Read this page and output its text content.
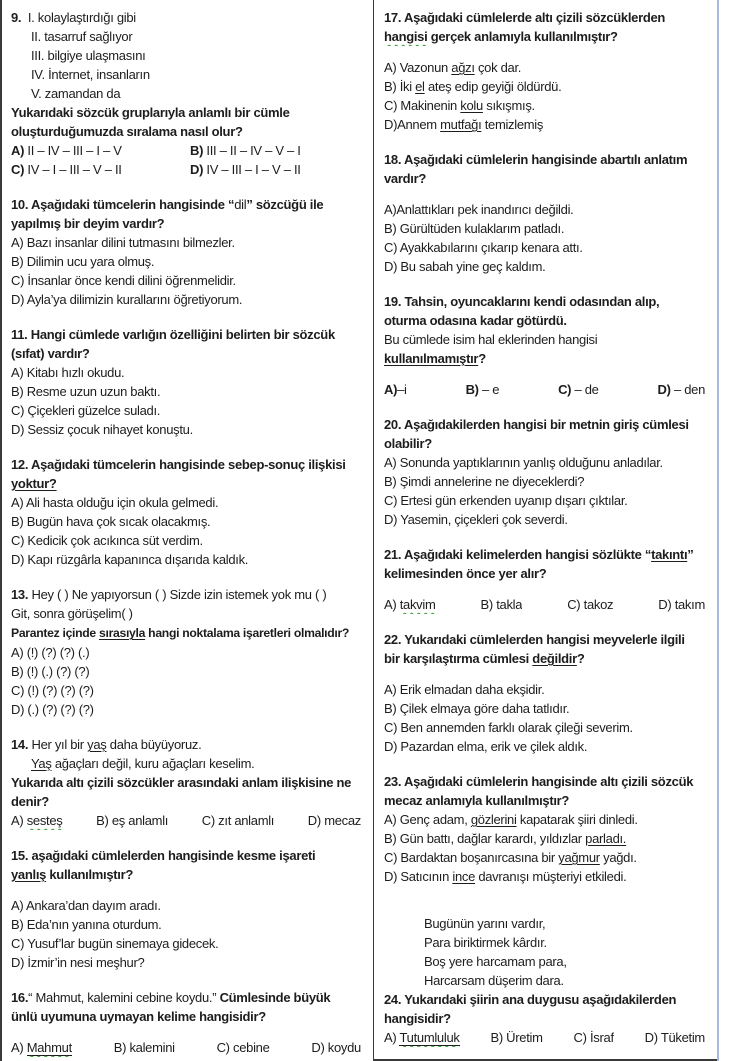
9.  I. kolaylaştırdığı gibi
II. tasarruf sağlıyor
III. bilgiye ulaşmasını
IV. İnternet, insanların
V. zamandan da
Yukarıdaki sözcük gruplarıyla anlamlı bir cümle
oluşturduğumuzda sıralama nasıl olur?
A) II – IV – III – I – V	B) III – II – IV – V – I
C) IV – I – III – V – II	D) IV – III – I – V – II
10. Aşağıdaki tümcelerin hangisinde “dil” sözcüğü ile
yapılmış bir deyim vardır?
A) Bazı insanlar dilini tutmasını bilmezler.
B) Dilimin ucu yara olmuş.
C) İnsanlar önce kendi dilini öğrenmelidir.
D) Ayla’ya dilimizin kurallarını öğretiyorum.
11. Hangi cümlede varlığın özelliğini belirten bir sözcük
(sıfat) vardır?
A) Kitabı hızlı okudu.
B) Resme uzun uzun baktı.
C) Çiçekleri güzelce suladı.
D) Sessiz çocuk nihayet konuştu.
12. Aşağıdaki tümcelerin hangisinde sebep-sonuç ilişkisi
yoktur?
A) Ali hasta olduğu için okula gelmedi.
B) Bugün hava çok sıcak olacakmış.
C) Kedicik çok acıkınca süt verdim.
D) Kapı rüzgârla kapanınca dışarıda kaldık.
13. Hey ( ) Ne yapıyorsun ( ) Sizde izin istemek yok mu ( )
Git, sonra görüşelim( )
Parantez içinde sırasıyla hangi noktalama işaretleri olmalıdır?
A) (!) (?) (?) (.)
B) (!) (.) (?) (?)
C) (!) (?) (?) (?)
D) (.) (?) (?) (?)
14. Her yıl bir yaş daha büyüyoruz.
Yaş ağaçları değil, kuru ağaçları keselim.
Yukarıda altı çizili sözcükler arasındaki anlam ilişkisine ne
denir?
A) sesteş	B) eş anlamlı	C) zıt anlamlı	D) mecaz
15. aşağıdaki cümlelerden hangisinde kesme işareti
yanlış kullanılmıştır?
A) Ankara’dan dayım aradı.
B) Eda’nın yanına oturdum.
C) Yusuf’lar bugün sinemaya gidecek.
D) İzmir’in nesi meşhur?
16.“ Mahmut, kalemini cebine koydu.” Cümlesinde büyük
ünlü uyumuna uymayan kelime hangisidir?
A) Mahmut	B) kalemini	C) cebine	D) koydu
17. Aşağıdaki cümlelerde altı çizili sözcüklerden
hangisi gerçek anlamıyla kullanılmıştır?
A) Vazonun ağzı çok dar.
B) İki el ateş edip geyiği öldürdü.
C) Makinenin kolu sıkışmış.
D)Annem mutfağı temizlemiş
18. Aşağıdaki cümlelerin hangisinde abartılı anlatım
vardır?
A)Anlattıkları pek inandırıcı değildi.
B) Gürültüden kulaklarım patladı.
C) Ayakkabılarını çıkarıp kenara attı.
D) Bu sabah yine geç kaldım.
19. Tahsin, oyuncaklarını kendi odasından alıp,
oturma odasına kadar götürdü.
Bu cümlede isim hal eklerinden hangisi
kullanılmamıştır?
A)–i	B) – e	C) – de	D) – den
20. Aşağıdakilerden hangisi bir metnin giriş cümlesi
olabilir?
A) Sonunda yaptıklarının yanlış olduğunu anladılar.
B) Şimdi annelerine ne diyeceklerdi?
C) Ertesi gün erkenden uyanıp dışarı çıktılar.
D) Yasemin, çiçekleri çok severdi.
21. Aşağıdaki kelimelerden hangisi sözlükte “takıntı”
kelimesinden önce yer alır?
A) takvim	B) takla	C) takoz	D) takım
22. Yukarıdaki cümlelerden hangisi meyvelerle ilgili
bir karşılaştırma cümlesi değildir?
A) Erik elmadan daha ekşidir.
B) Çilek elmaya göre daha tatlıdır.
C) Ben annemden farklı olarak çileği severim.
D) Pazardan elma, erik ve çilek aldık.
23. Aşağıdaki cümlelerin hangisinde altı çizili sözcük
mecaz anlamıyla kullanılmıştır?
A) Genç adam, gözlerini kapatarak şiiri dinledi.
B) Gün battı, dağlar karardı, yıldızlar parladı.
C) Bardaktan boşanırcasına bir yağmur yağdı.
D) Satıcının ince davranışı müşteriyi etkiledi.
Bugünün yarını vardır,
Para biriktirmek kârdır.
Boş yere harcamam para,
Harcarsam düşerim dara.
24. Yukarıdaki şiirin ana duygusu aşağıdakilerden
hangisidir?
A) Tutumluluk B) Üretim C) İsraf D) Tüketim
